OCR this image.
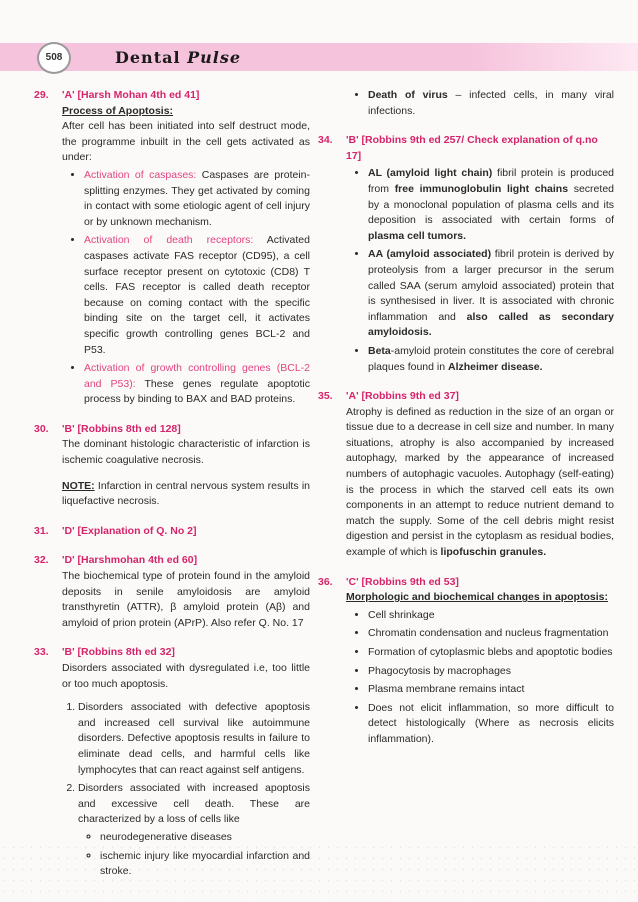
508	Dental Pulse
29. 'A' [Harsh Mohan 4th ed 41]
Process of Apoptosis:

After cell has been initiated into self destruct mode, the programme inbuilt in the cell gets activated as under:

• Activation of caspases: Caspases are protein-splitting enzymes. They get activated by coming in contact with some etiologic agent of cell injury or by unknown mechanism.
• Activation of death receptors: Activated caspases activate FAS receptor (CD95), a cell surface receptor present on cytotoxic (CD8) T cells. FAS receptor is called death receptor because on coming contact with the specific binding site on the target cell, it activates specific growth controlling genes BCL-2 and P53.
• Activation of growth controlling genes (BCL-2 and P53): These genes regulate apoptotic process by binding to BAX and BAD proteins.
30. 'B' [Robbins 8th ed 128]

The dominant histologic characteristic of infarction is ischemic coagulative necrosis.

NOTE: Infarction in central nervous system results in liquefactive necrosis.

31. 'D' [Explanation of Q. No 2]
32. 'D' [Harshmohan 4th ed 60]

The biochemical type of protein found in the amyloid deposits in senile amyloidosis are amyloid transthyretin (ATTR), β amyloid protein (Aβ) and amyloid of prion protein (APrP). Also refer Q. No. 17

33. 'B' [Robbins 8th ed 32]

Disorders associated with dysregulated i.e, too little or too much apoptosis.

1. Disorders associated with defective apoptosis and increased cell survival like autoimmune disorders. Defective apoptosis results in failure to eliminate dead cells, and harmful cells like lymphocytes that can react against self antigens.
2. Disorders associated with increased apoptosis and excessive cell death. These are characterized by a loss of cells like
◦ neurodegenerative diseases
◦ ischemic injury like myocardial infarction and stroke.
• Death of virus – infected cells, in many viral infections.
34. 'B' [Robbins 9th ed 257/ Check explanation of q.no 17]
• AL (amyloid light chain) fibril protein is produced from free immunoglobulin light chains secreted by a monoclonal population of plasma cells and its deposition is associated with certain forms of plasma cell tumors.
• AA (amyloid associated) fibril protein is derived by proteolysis from a larger precursor in the serum called SAA (serum amyloid associated) protein that is synthesised in liver. It is associated with chronic inflammation and also called as secondary amyloidosis.
• Beta-amyloid protein constitutes the core of cerebral plaques found in Alzheimer disease.
35. 'A' [Robbins 9th ed 37]

Atrophy is defined as reduction in the size of an organ or tissue due to a decrease in cell size and number. In many situations, atrophy is also accompanied by increased autophagy, marked by the appearance of increased numbers of autophagic vacuoles. Autophagy (self-eating) is the process in which the starved cell eats its own components in an attempt to reduce nutrient demand to match the supply. Some of the cell debris might resist digestion and persist in the cytoplasm as residual bodies, example of which is lipofuschin granules.

36. 'C' [Robbins 9th ed 53]
Morphologic and biochemical changes in apoptosis:
• Cell shrinkage
• Chromatin condensation and nucleus fragmentation
• Formation of cytoplasmic blebs and apoptotic bodies
• Phagocytosis by macrophages
• Plasma membrane remains intact
• Does not elicit inflammation, so more difficult to detect histologically (Where as necrosis elicits inflammation).
